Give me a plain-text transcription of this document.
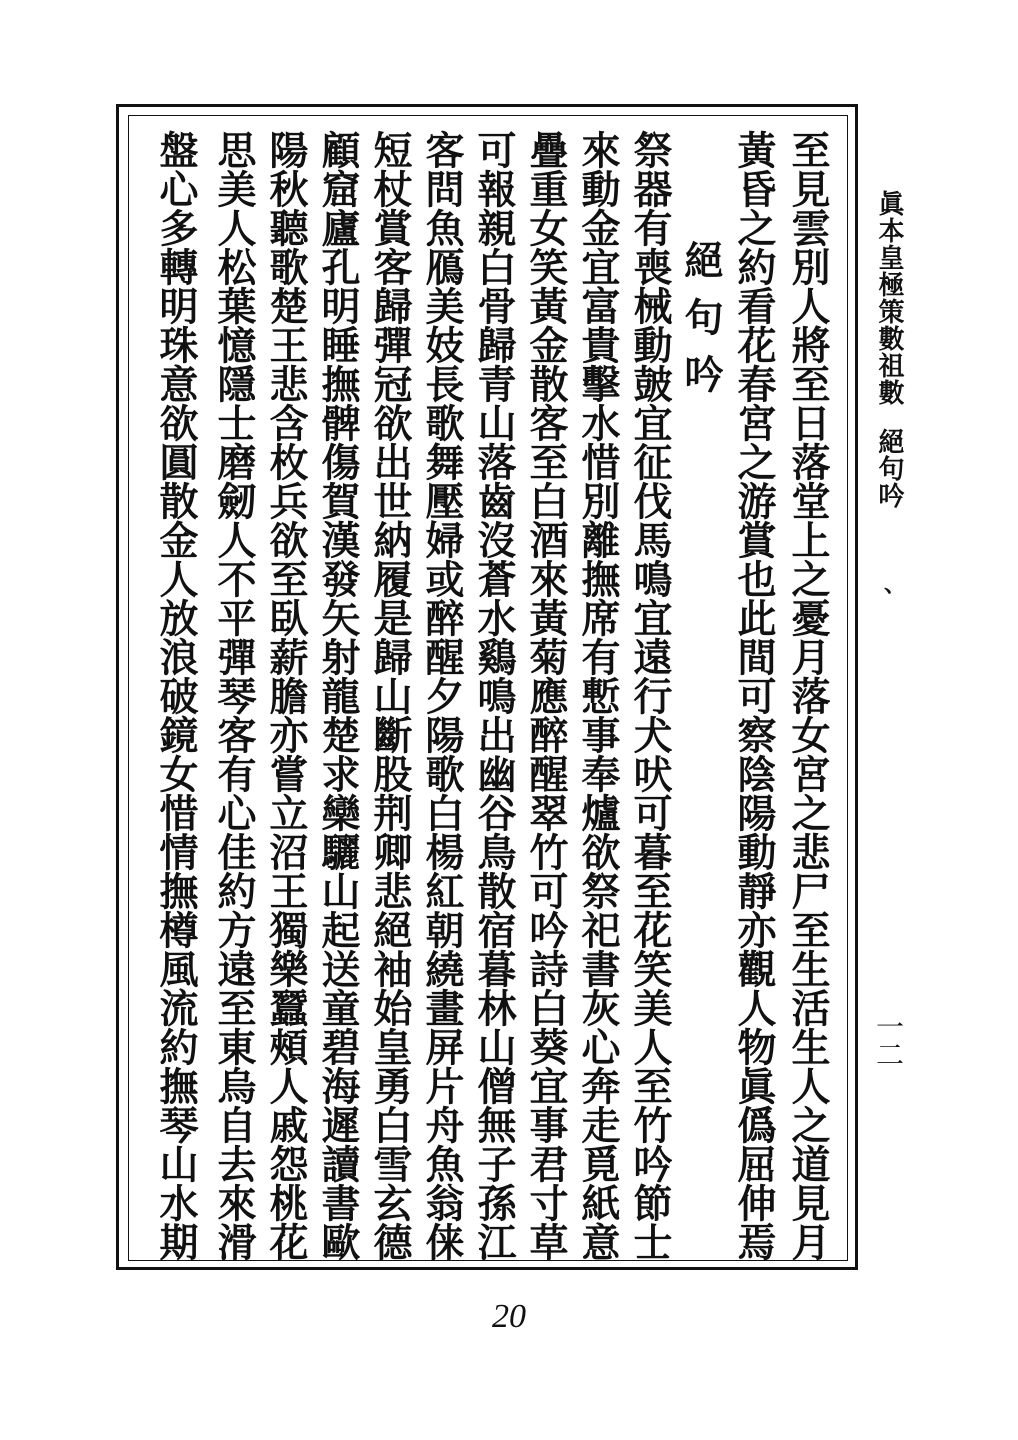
眞本皇極策數祖數絕句吟
、
一二
至見雲別人將至日落堂上之憂月落女宮之悲尸至生活生人之道見月
黃昏之約看花春宮之游賞也此間可察陰陽動靜亦觀人物眞僞屈伸焉
絕句吟
祭器有喪械動皷宜征伐馬鳴宜遠行犬吠可暮至花笑美人至竹吟節士
來動金宜富貴擊水惜別離撫席有慙事奉爐欲祭祀書灰心奔走覓紙意
疊重女笑黃金散客至白酒來黃菊應醉醒翠竹可吟詩白葵宜事君寸草
可報親白骨歸青山落齒沒蒼水鷄鳴出幽谷鳥散宿暮林山僧無子孫江
客問魚鴈美妓長歌舞壓婦或醉醒夕陽歌白楊紅朝繞畫屏片舟魚翁俫
短杖賞客歸彈冠欲出世納履是歸山斷股荆卿悲絕袖始皇勇白雪玄德
顧窟廬孔明睡撫髀傷賀漢發矢射龍楚求欒驪山起送童碧海遲讀書歐
陽秋聽歌楚王悲含枚兵欲至臥薪膽亦嘗立沼王獨樂蠶頰人戚怨桃花
思美人松葉憶隱士磨劒人不平彈琴客有心佳約方遠至東烏自去來滑
盤心多轉明珠意欲圓散金人放浪破鏡女惜情撫樽風流約撫琴山水期
20
